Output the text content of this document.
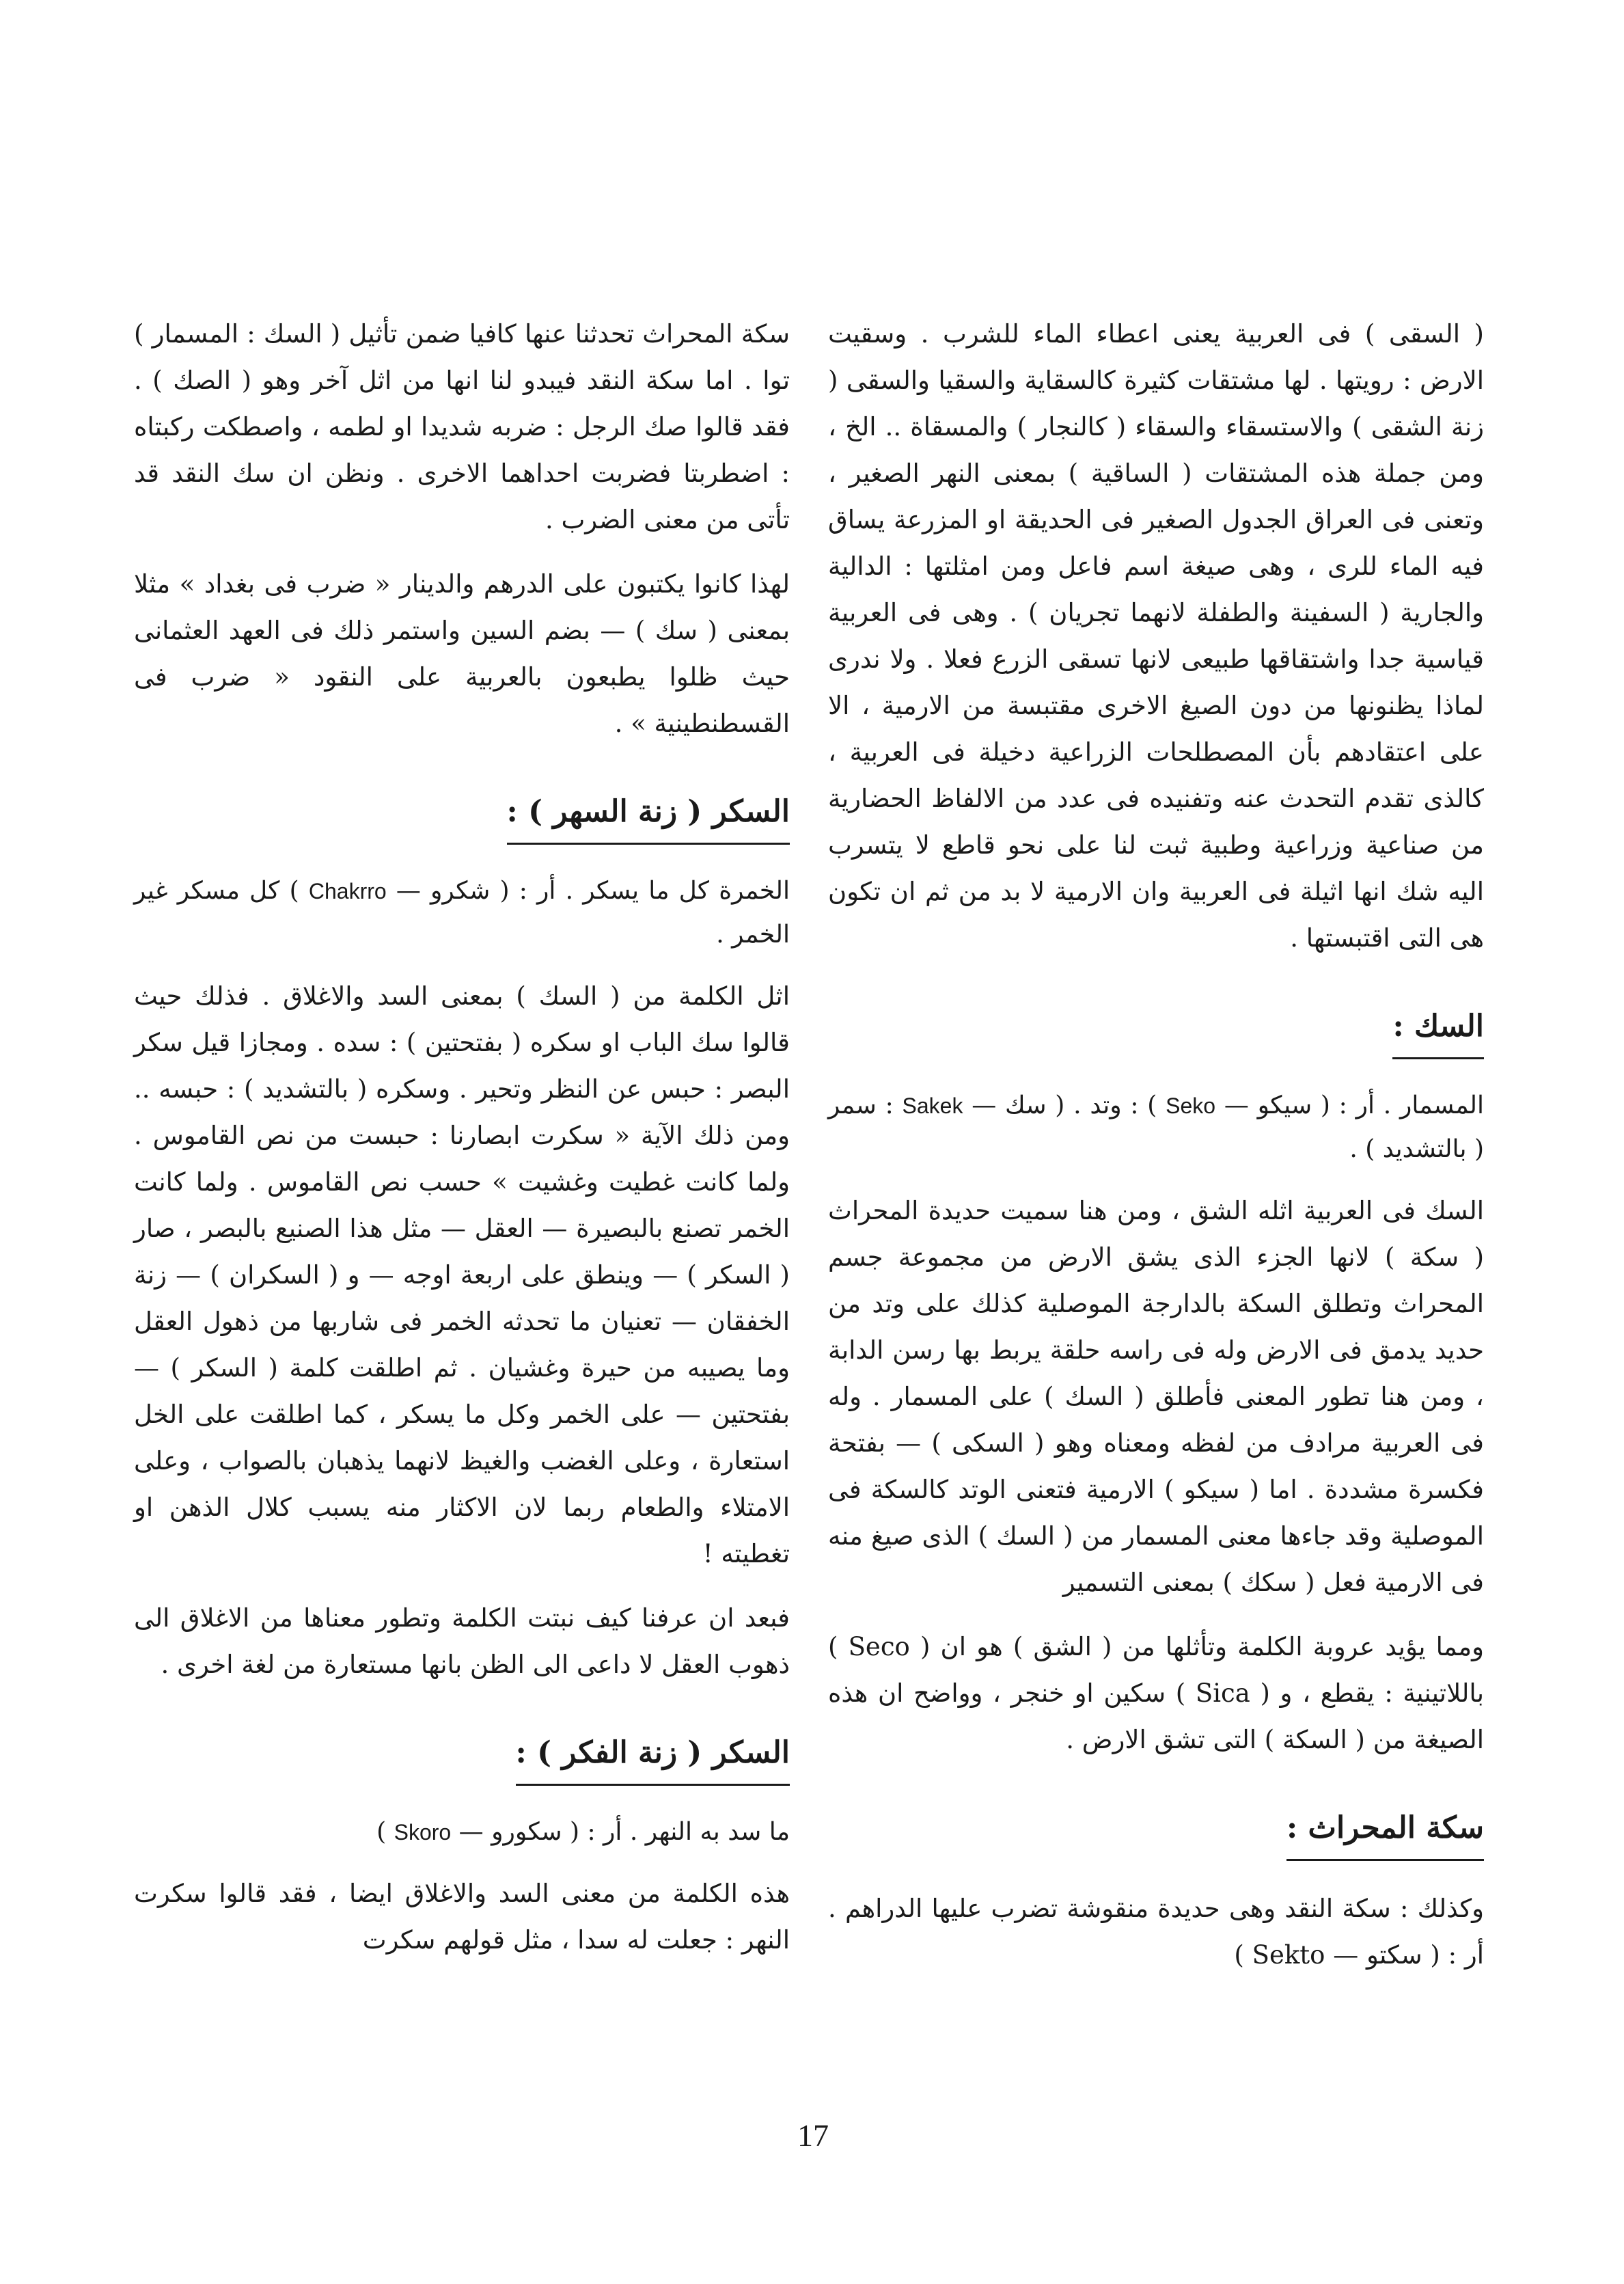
( السقى ) فى العربية يعنى اعطاء الماء للشرب . وسقيت الارض : رويتها . لها مشتقات كثيرة كالسقاية والسقيا والسقى ( زنة الشقى ) والاستسقاء والسقاء ( كالنجار ) والمسقاة .. الخ ، ومن جملة هذه المشتقات ( الساقية ) بمعنى النهر الصغير ، وتعنى فى العراق الجدول الصغير فى الحديقة او المزرعة يساق فيه الماء للرى ، وهى صيغة اسم فاعل ومن امثلتها : الدالية والجارية ( السفينة والطفلة لانهما تجريان ) . وهى فى العربية قياسية جدا واشتقاقها طبيعى لانها تسقى الزرع فعلا . ولا ندرى لماذا يظنونها من دون الصيغ الاخرى مقتبسة من الارمية ، الا على اعتقادهم بأن المصطلحات الزراعية دخيلة فى العربية ، كالذى تقدم التحدث عنه وتفنيده فى عدد من الالفاظ الحضارية من صناعية وزراعية وطبية ثبت لنا على نحو قاطع لا يتسرب اليه شك انها اثيلة فى العربية وان الارمية لا بد من ثم ان تكون هى التى اقتبستها .

السك :

المسمار . أر : ( سيكو — Seko ) : وتد . ( سك — Sakek : سمر ( بالتشديد ) .

السك فى العربية اثله الشق ، ومن هنا سميت حديدة المحراث ( سكة ) لانها الجزء الذى يشق الارض من مجموعة جسم المحراث وتطلق السكة بالدارجة الموصلية كذلك على وتد من حديد يدمق فى الارض وله فى راسه حلقة يربط بها رسن الدابة ، ومن هنا تطور المعنى فأطلق ( السك ) على المسمار . وله فى العربية مرادف من لفظه ومعناه وهو ( السكى ) — بفتحة فكسرة مشددة . اما ( سيكو ) الارمية فتعنى الوتد كالسكة فى الموصلية وقد جاءها معنى المسمار من ( السك ) الذى صيغ منه فى الارمية فعل ( سكك ) بمعنى التسمير

ومما يؤيد عروبة الكلمة وتأثلها من ( الشق ) هو ان ( Seco ) باللاتينية : يقطع ، و ( Sica ) سكين او خنجر ، وواضح ان هذه الصيغة من ( السكة ) التى تشق الارض .

سكة المحراث :

وكذلك : سكة النقد وهى حديدة منقوشة تضرب عليها الدراهم . أر : ( سكتو — Sekto )

سكة المحراث تحدثنا عنها كافيا ضمن تأثيل ( السك : المسمار ) توا . اما سكة النقد فيبدو لنا انها من اثل آخر وهو ( الصك ) . فقد قالوا صك الرجل : ضربه شديدا او لطمه ، واصطكت ركبتاه : اضطربتا فضربت احداهما الاخرى . ونظن ان سك النقد قد تأتى من معنى الضرب .

لهذا كانوا يكتبون على الدرهم والدينار « ضرب فى بغداد » مثلا بمعنى ( سك ) — بضم السين واستمر ذلك فى العهد العثمانى حيث ظلوا يطبعون بالعربية على النقود « ضرب فى القسطنطينية » .

السكر ( زنة السهر ) :

الخمرة كل ما يسكر . أر : ( شكرو — Chakrro ) كل مسكر غير الخمر .

اثل الكلمة من ( السك ) بمعنى السد والاغلاق . فذلك حيث قالوا سك الباب او سكره ( بفتحتين ) : سده . ومجازا قيل سكر البصر : حبس عن النظر وتحير . وسكره ( بالتشديد ) : حبسه .. ومن ذلك الآية « سكرت ابصارنا : حبست من نص القاموس . ولما كانت غطيت وغشيت » حسب نص القاموس . ولما كانت الخمر تصنع بالبصيرة — العقل — مثل هذا الصنيع بالبصر ، صار ( السكر ) — وينطق على اربعة اوجه — و ( السكران ) — زنة الخفقان — تعنيان ما تحدثه الخمر فى شاربها من ذهول العقل وما يصيبه من حيرة وغشيان . ثم اطلقت كلمة ( السكر ) — بفتحتين — على الخمر وكل ما يسكر ، كما اطلقت على الخل استعارة ، وعلى الغضب والغيظ لانهما يذهبان بالصواب ، وعلى الامتلاء والطعام ربما لان الاكثار منه يسبب كلال الذهن او تغطيته !

فبعد ان عرفنا كيف نبتت الكلمة وتطور معناها من الاغلاق الى ذهوب العقل لا داعى الى الظن بانها مستعارة من لغة اخرى .

السكر ( زنة الفكر ) :

ما سد به النهر . أر : ( سكورو — Skoro )

هذه الكلمة من معنى السد والاغلاق ايضا ، فقد قالوا سكرت النهر : جعلت له سدا ، مثل قولهم سكرت

17
